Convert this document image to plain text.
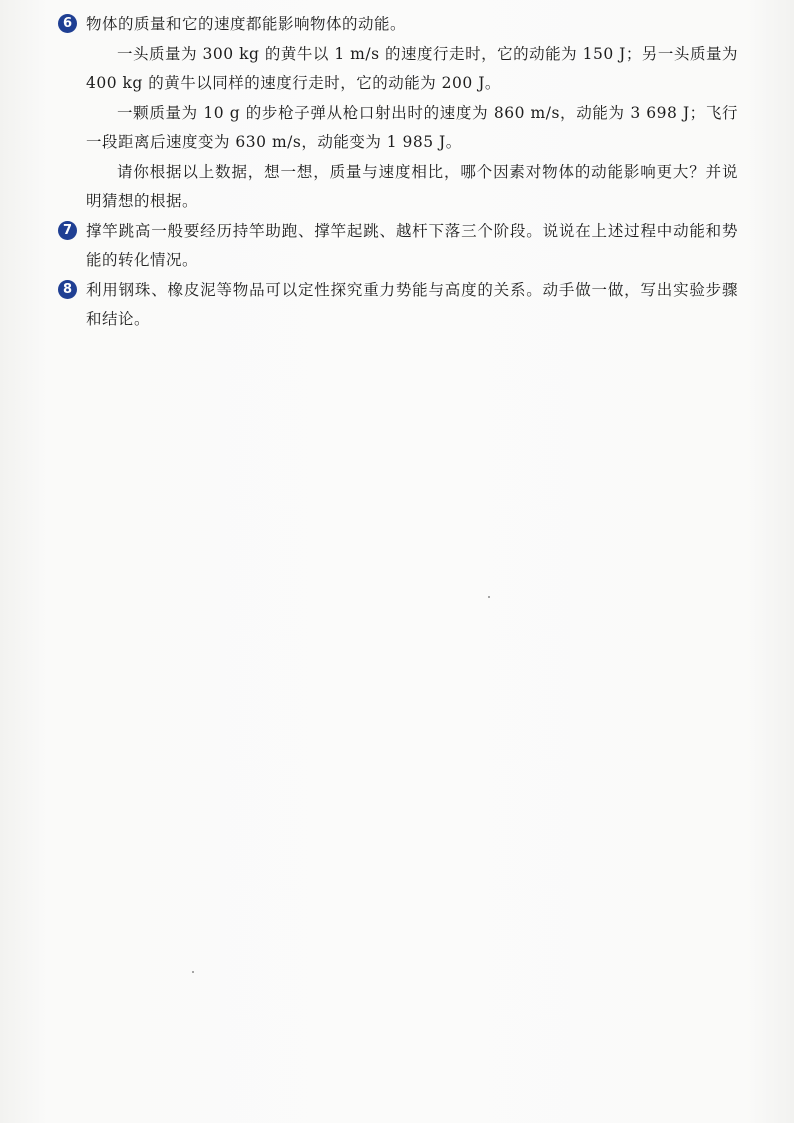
6 物体的质量和它的速度都能影响物体的动能。

一头质量为 300 kg 的黄牛以 1 m/s 的速度行走时，它的动能为 150 J；另一头质量为 400 kg 的黄牛以同样的速度行走时，它的动能为 200 J。

一颗质量为 10 g 的步枪子弹从枪口射出时的速度为 860 m/s，动能为 3 698 J；飞行一段距离后速度变为 630 m/s，动能变为 1 985 J。

请你根据以上数据，想一想，质量与速度相比，哪个因素对物体的动能影响更大？并说明猜想的根据。

7 撑竿跳高一般要经历持竿助跑、撑竿起跳、越杆下落三个阶段。说说在上述过程中动能和势能的转化情况。

8 利用钢珠、橡皮泥等物品可以定性探究重力势能与高度的关系。动手做一做，写出实验步骤和结论。
